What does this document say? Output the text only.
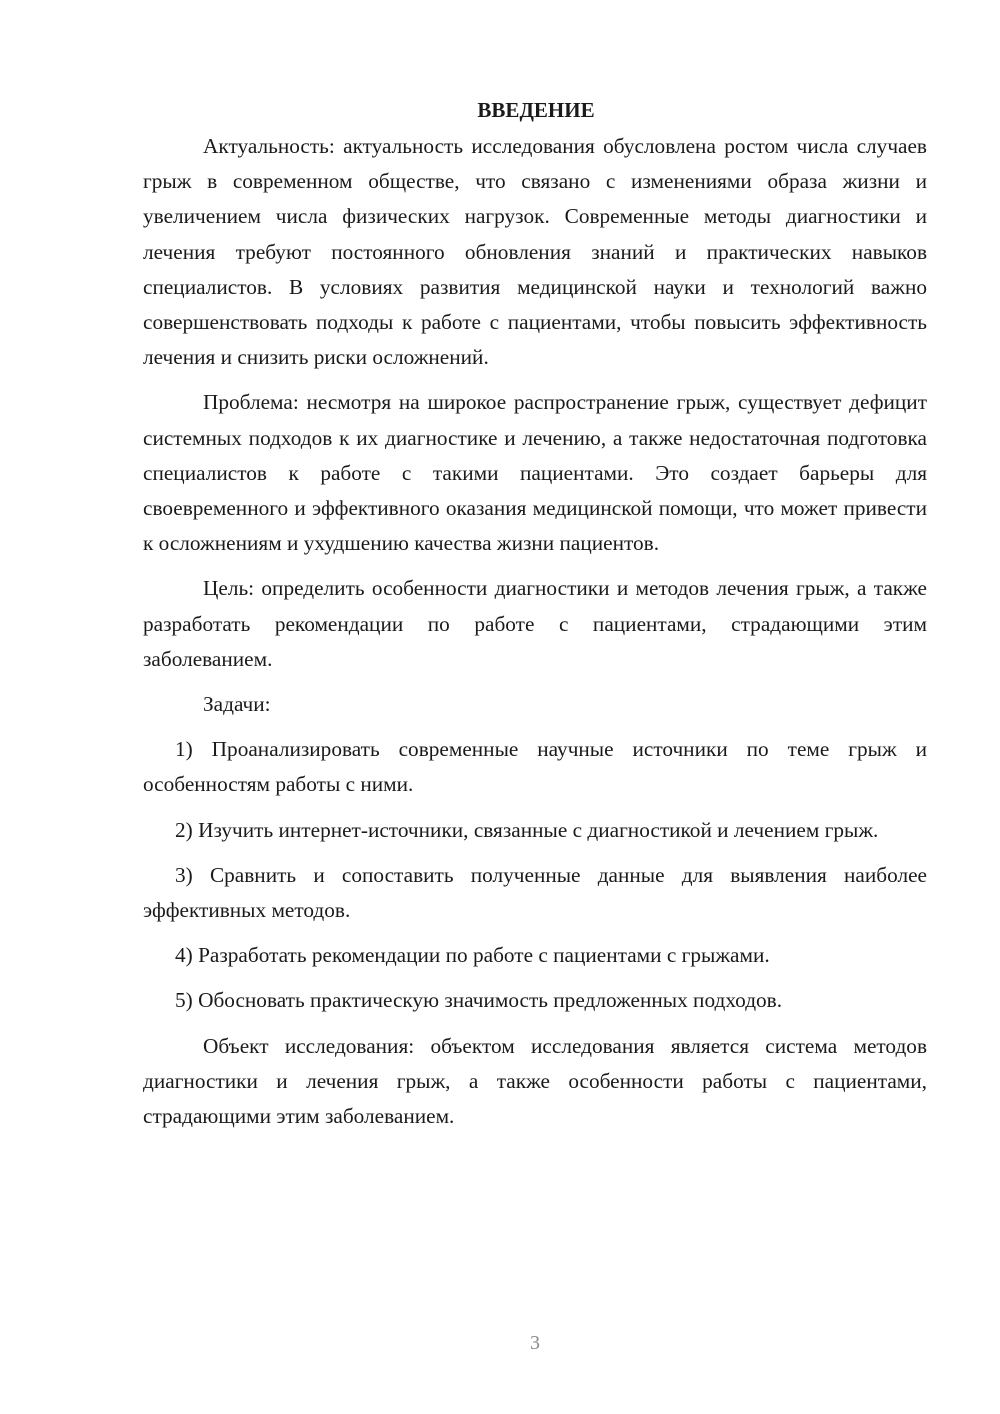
ВВЕДЕНИЕ

Актуальность: актуальность исследования обусловлена ростом числа случаев грыж в современном обществе, что связано с изменениями образа жизни и увеличением числа физических нагрузок. Современные методы диагностики и лечения требуют постоянного обновления знаний и практических навыков специалистов. В условиях развития медицинской науки и технологий важно совершенствовать подходы к работе с пациентами, чтобы повысить эффективность лечения и снизить риски осложнений.

Проблема: несмотря на широкое распространение грыж, существует дефицит системных подходов к их диагностике и лечению, а также недостаточная подготовка специалистов к работе с такими пациентами. Это создает барьеры для своевременного и эффективного оказания медицинской помощи, что может привести к осложнениям и ухудшению качества жизни пациентов.

Цель: определить особенности диагностики и методов лечения грыж, а также разработать рекомендации по работе с пациентами, страдающими этим заболеванием.

Задачи:

1) Проанализировать современные научные источники по теме грыж и особенностям работы с ними.

2) Изучить интернет-источники, связанные с диагностикой и лечением грыж.

3) Сравнить и сопоставить полученные данные для выявления наиболее эффективных методов.

4) Разработать рекомендации по работе с пациентами с грыжами.

5) Обосновать практическую значимость предложенных подходов.

Объект исследования: объектом исследования является система методов диагностики и лечения грыж, а также особенности работы с пациентами, страдающими этим заболеванием.

3
